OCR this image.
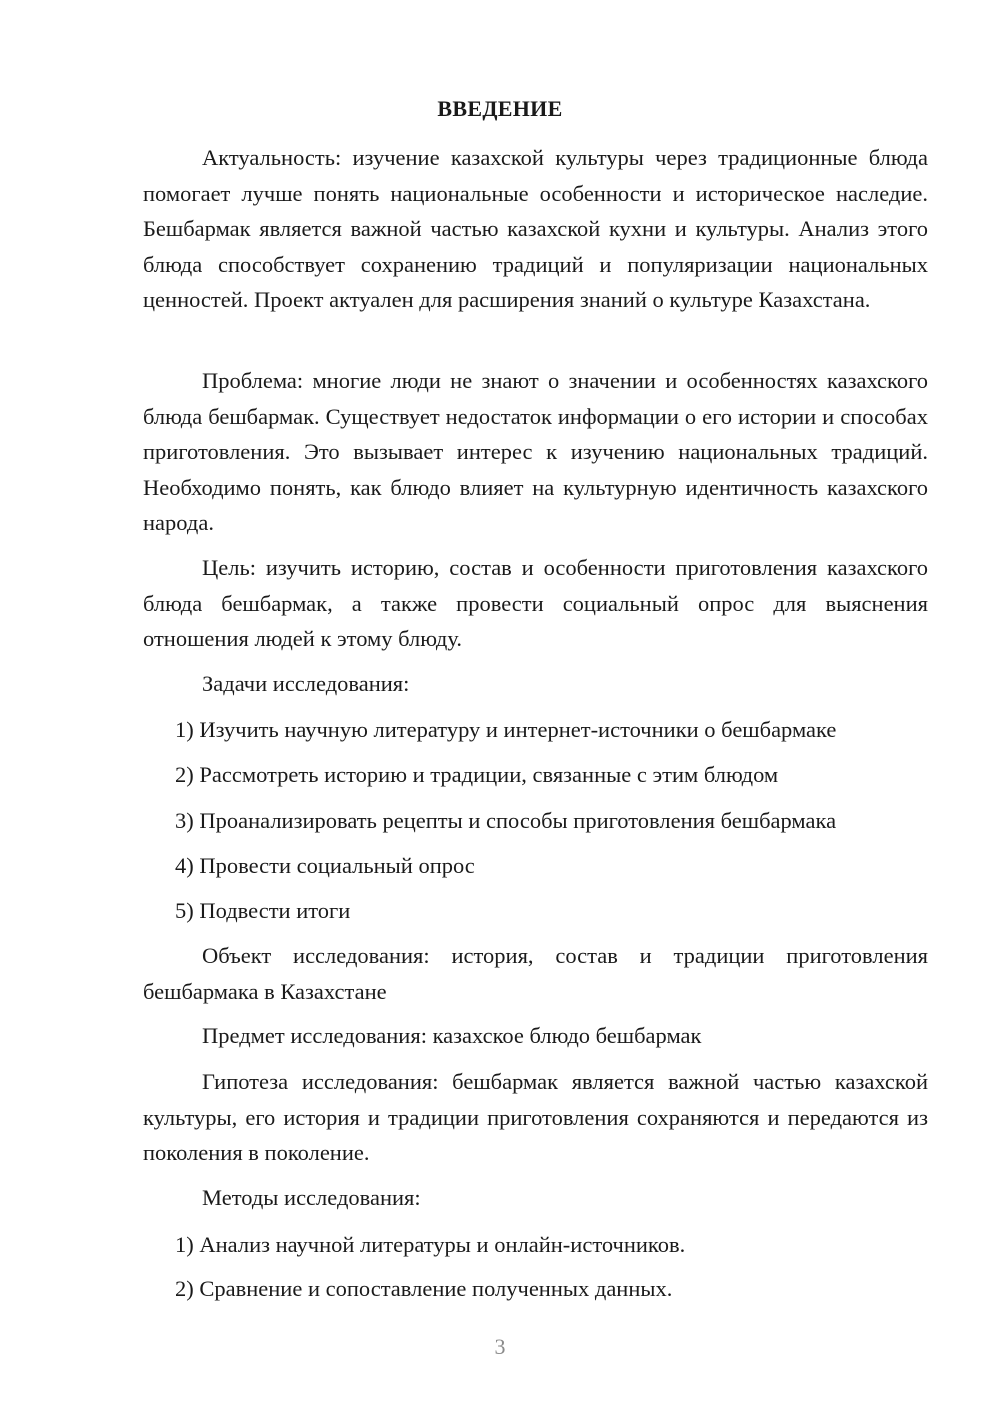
ВВЕДЕНИЕ

Актуальность: изучение казахской культуры через традиционные блюда помогает лучше понять национальные особенности и историческое наследие. Бешбармак является важной частью казахской кухни и культуры. Анализ этого блюда способствует сохранению традиций и популяризации национальных ценностей. Проект актуален для расширения знаний о культуре Казахстана.

Проблема: многие люди не знают о значении и особенностях казахского блюда бешбармак. Существует недостаток информации о его истории и способах приготовления. Это вызывает интерес к изучению национальных традиций. Необходимо понять, как блюдо влияет на культурную идентичность казахского народа.

Цель: изучить историю, состав и особенности приготовления казахского блюда бешбармак, а также провести социальный опрос для выяснения отношения людей к этому блюду.

Задачи исследования:

1) Изучить научную литературу и интернет-источники о бешбармаке

2) Рассмотреть историю и традиции, связанные с этим блюдом

3) Проанализировать рецепты и способы приготовления бешбармака

4) Провести социальный опрос

5) Подвести итоги

Объект исследования: история, состав и традиции приготовления бешбармака в Казахстане

Предмет исследования: казахское блюдо бешбармак

Гипотеза исследования: бешбармак является важной частью казахской культуры, его история и традиции приготовления сохраняются и передаются из поколения в поколение.

Методы исследования:

1) Анализ научной литературы и онлайн-источников.

2) Сравнение и сопоставление полученных данных.

3
